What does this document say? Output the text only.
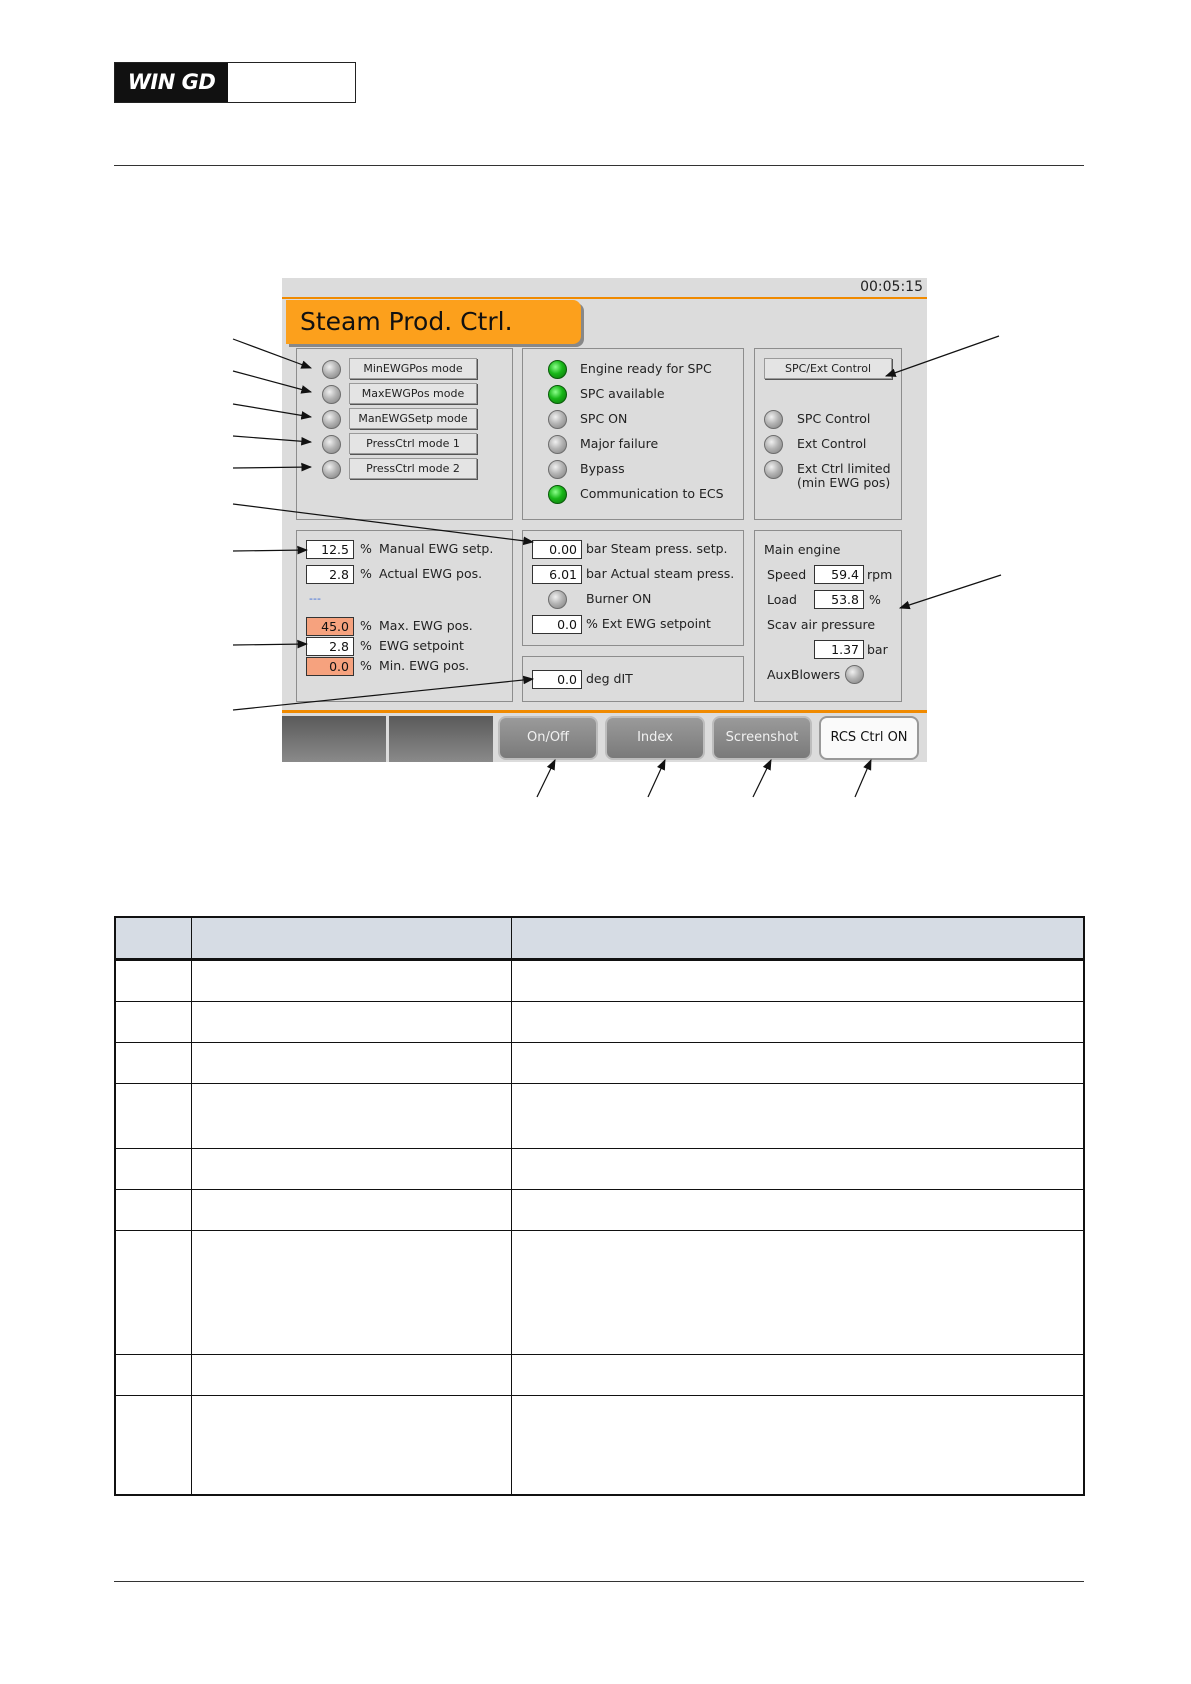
WIN GD
00:05:15
Steam Prod. Ctrl.
MinEWGPos mode
MaxEWGPos mode
ManEWGSetp mode
PressCtrl mode 1
PressCtrl mode 2
Engine ready for SPC
SPC available
SPC ON
Major failure
Bypass
Communication to ECS
SPC/Ext Control
SPC Control
Ext Control
Ext Ctrl limited
(min EWG pos)
12.5 % Manual EWG setp.
2.8 % Actual EWG pos.
---
45.0 % Max. EWG pos.
2.8 % EWG setpoint
0.0 % Min. EWG pos.
0.00 bar Steam press. setp.
6.01 bar Actual steam press.
Burner ON
0.0 % Ext EWG setpoint
0.0 deg dIT
Main engine
Speed	59.4 rpm
Load	53.8 %
Scav air pressure
1.37 bar
AuxBlowers
On/Off	Index	Screenshot	RCS Ctrl ON
